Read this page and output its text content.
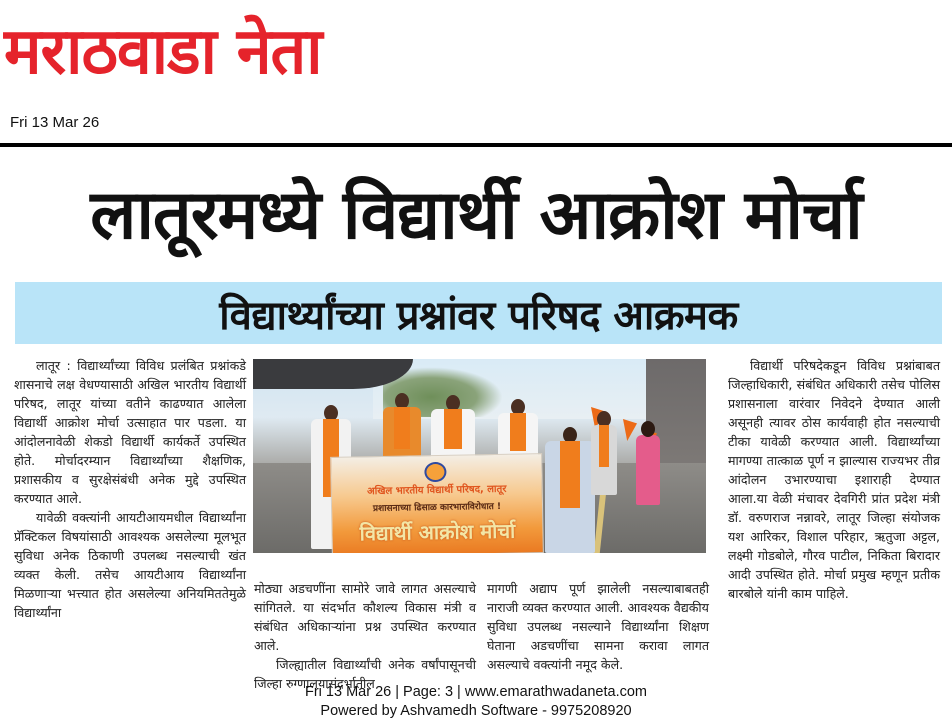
मराठवाडा नेता
Fri 13 Mar 26
लातूरमध्ये विद्यार्थी आक्रोश मोर्चा
विद्यार्थ्यांच्या प्रश्नांवर परिषद आक्रमक

लातूर : विद्यार्थ्यांच्या विविध प्रलंबित प्रश्नांकडे शासनाचे लक्ष वेधण्यासाठी अखिल भारतीय विद्यार्थी परिषद, लातूर यांच्या वतीने काढण्यात आलेला विद्यार्थी आक्रोश मोर्चा उत्साहात पार पडला. या आंदोलनावेळी शेकडो विद्यार्थी कार्यकर्ते उपस्थित होते. मोर्चादरम्यान विद्यार्थ्यांच्या शैक्षणिक, प्रशासकीय व सुरक्षेसंबंधी अनेक मुद्दे उपस्थित करण्यात आले.

यावेळी वक्त्यांनी आयटीआयमधील विद्यार्थ्यांना प्रॅक्टिकल विषयांसाठी आवश्यक असलेल्या मूलभूत सुविधा अनेक ठिकाणी उपलब्ध नसल्याची खंत व्यक्त केली. तसेच आयटीआय विद्यार्थ्यांना मिळणाऱ्या भत्त्यात होत असलेल्या अनियमिततेमुळे विद्यार्थ्यांना

अखिल भारतीय विद्यार्थी परिषद, लातूर
प्रशासनाच्या ढिसाळ कारभाराविरोधात !
विद्यार्थी आक्रोश मोर्चा

मोठ्या अडचणींना सामोरे जावे लागत असल्याचे सांगितले. या संदर्भात कौशल्य विकास मंत्री व संबंधित अधिकाऱ्यांना प्रश्न उपस्थित करण्यात आले.

जिल्ह्यातील विद्यार्थ्यांची अनेक वर्षांपासूनची जिल्हा रुग्णालयासंदर्भातील

मागणी अद्याप पूर्ण झालेली नसल्याबाबतही नाराजी व्यक्त करण्यात आली. आवश्यक वैद्यकीय सुविधा उपलब्ध नसल्याने विद्यार्थ्यांना शिक्षण घेताना अडचणींचा सामना करावा लागत असल्याचे वक्त्यांनी नमूद केले.

विद्यार्थी परिषदेकडून विविध प्रश्नांबाबत जिल्हाधिकारी, संबंधित अधिकारी तसेच पोलिस प्रशासनाला वारंवार निवेदने देण्यात आली असूनही त्यावर ठोस कार्यवाही होत नसल्याची टीका यावेळी करण्यात आली. विद्यार्थ्यांच्या मागण्या तात्काळ पूर्ण न झाल्यास राज्यभर तीव्र आंदोलन उभारण्याचा इशाराही देण्यात आला.या वेळी मंचावर देवगिरी प्रांत प्रदेश मंत्री डॉ. वरुणराज नन्नावरे, लातूर जिल्हा संयोजक यश आरिकर, विशाल परिहार, ऋतुजा अट्टल, लक्ष्मी गोडबोले, गौरव पाटील, निकिता बिरादार आदी उपस्थित होते. मोर्चा प्रमुख म्हणून प्रतीक बारबोले यांनी काम पाहिले.

Fri 13 Mar 26 | Page: 3 | www.emarathwadaneta.com
Powered by Ashvamedh Software - 9975208920
